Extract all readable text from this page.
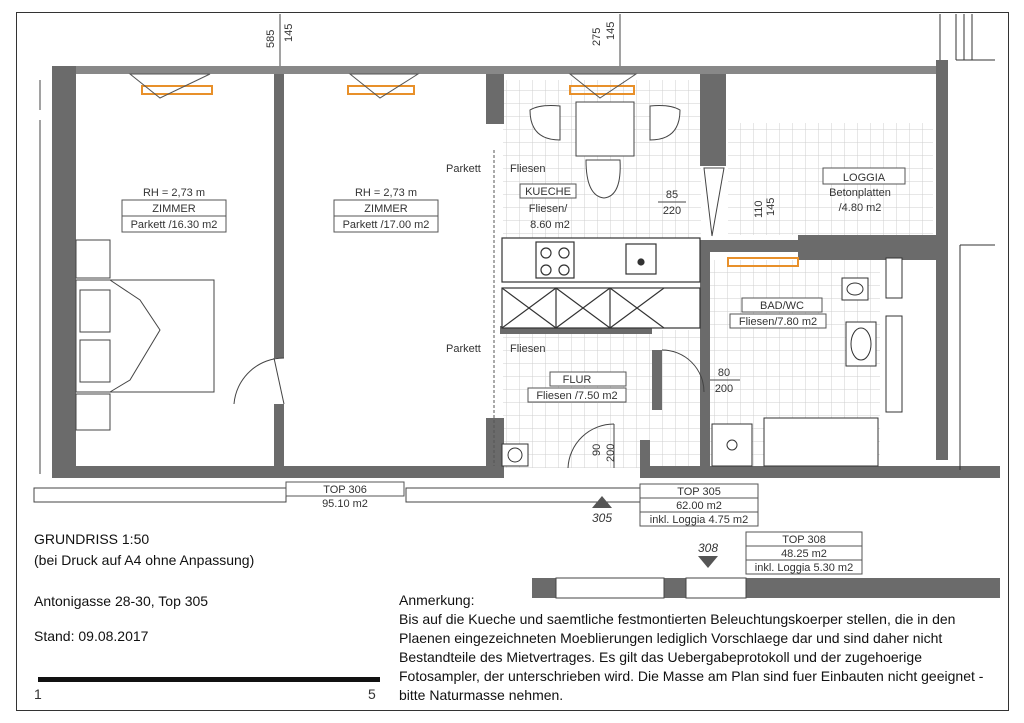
585 145	275 145
RH = 2,73 m
ZIMMER
Parkett /16.30 m2
RH = 2,73 m
ZIMMER
Parkett /17.00 m2
KUECHE
Fliesen/
8.60 m2
LOGGIA
Betonplatten
/4.80 m2
BAD/WC
Fliesen/7.80 m2
FLUR
Fliesen /7.50 m2
Parkett	Fliesen
Parkett	Fliesen
85
220
80
200
110 145
90 200
TOP 306
95.10 m2
TOP 305
62.00 m2
inkl. Loggia 4.75 m2
305
TOP 308
48.25 m2
inkl. Loggia 5.30 m2
308
1	5
GRUNDRISS 1:50
(bei Druck auf A4 ohne Anpassung)
Antonigasse 28-30, Top 305
Stand: 09.08.2017

Anmerkung:

Bis auf die Kueche und saemtliche festmontierten Beleuchtungskoerper stellen, die in den Plaenen eingezeichneten Moeblierungen lediglich Vorschlaege dar und sind daher nicht Bestandteile des Mietvertrages. Es gilt das Uebergabeprotokoll und der zugehoerige Fotosampler, der unterschrieben wird. Die Masse am Plan sind fuer Einbauten nicht geeignet - bitte Naturmasse nehmen.
